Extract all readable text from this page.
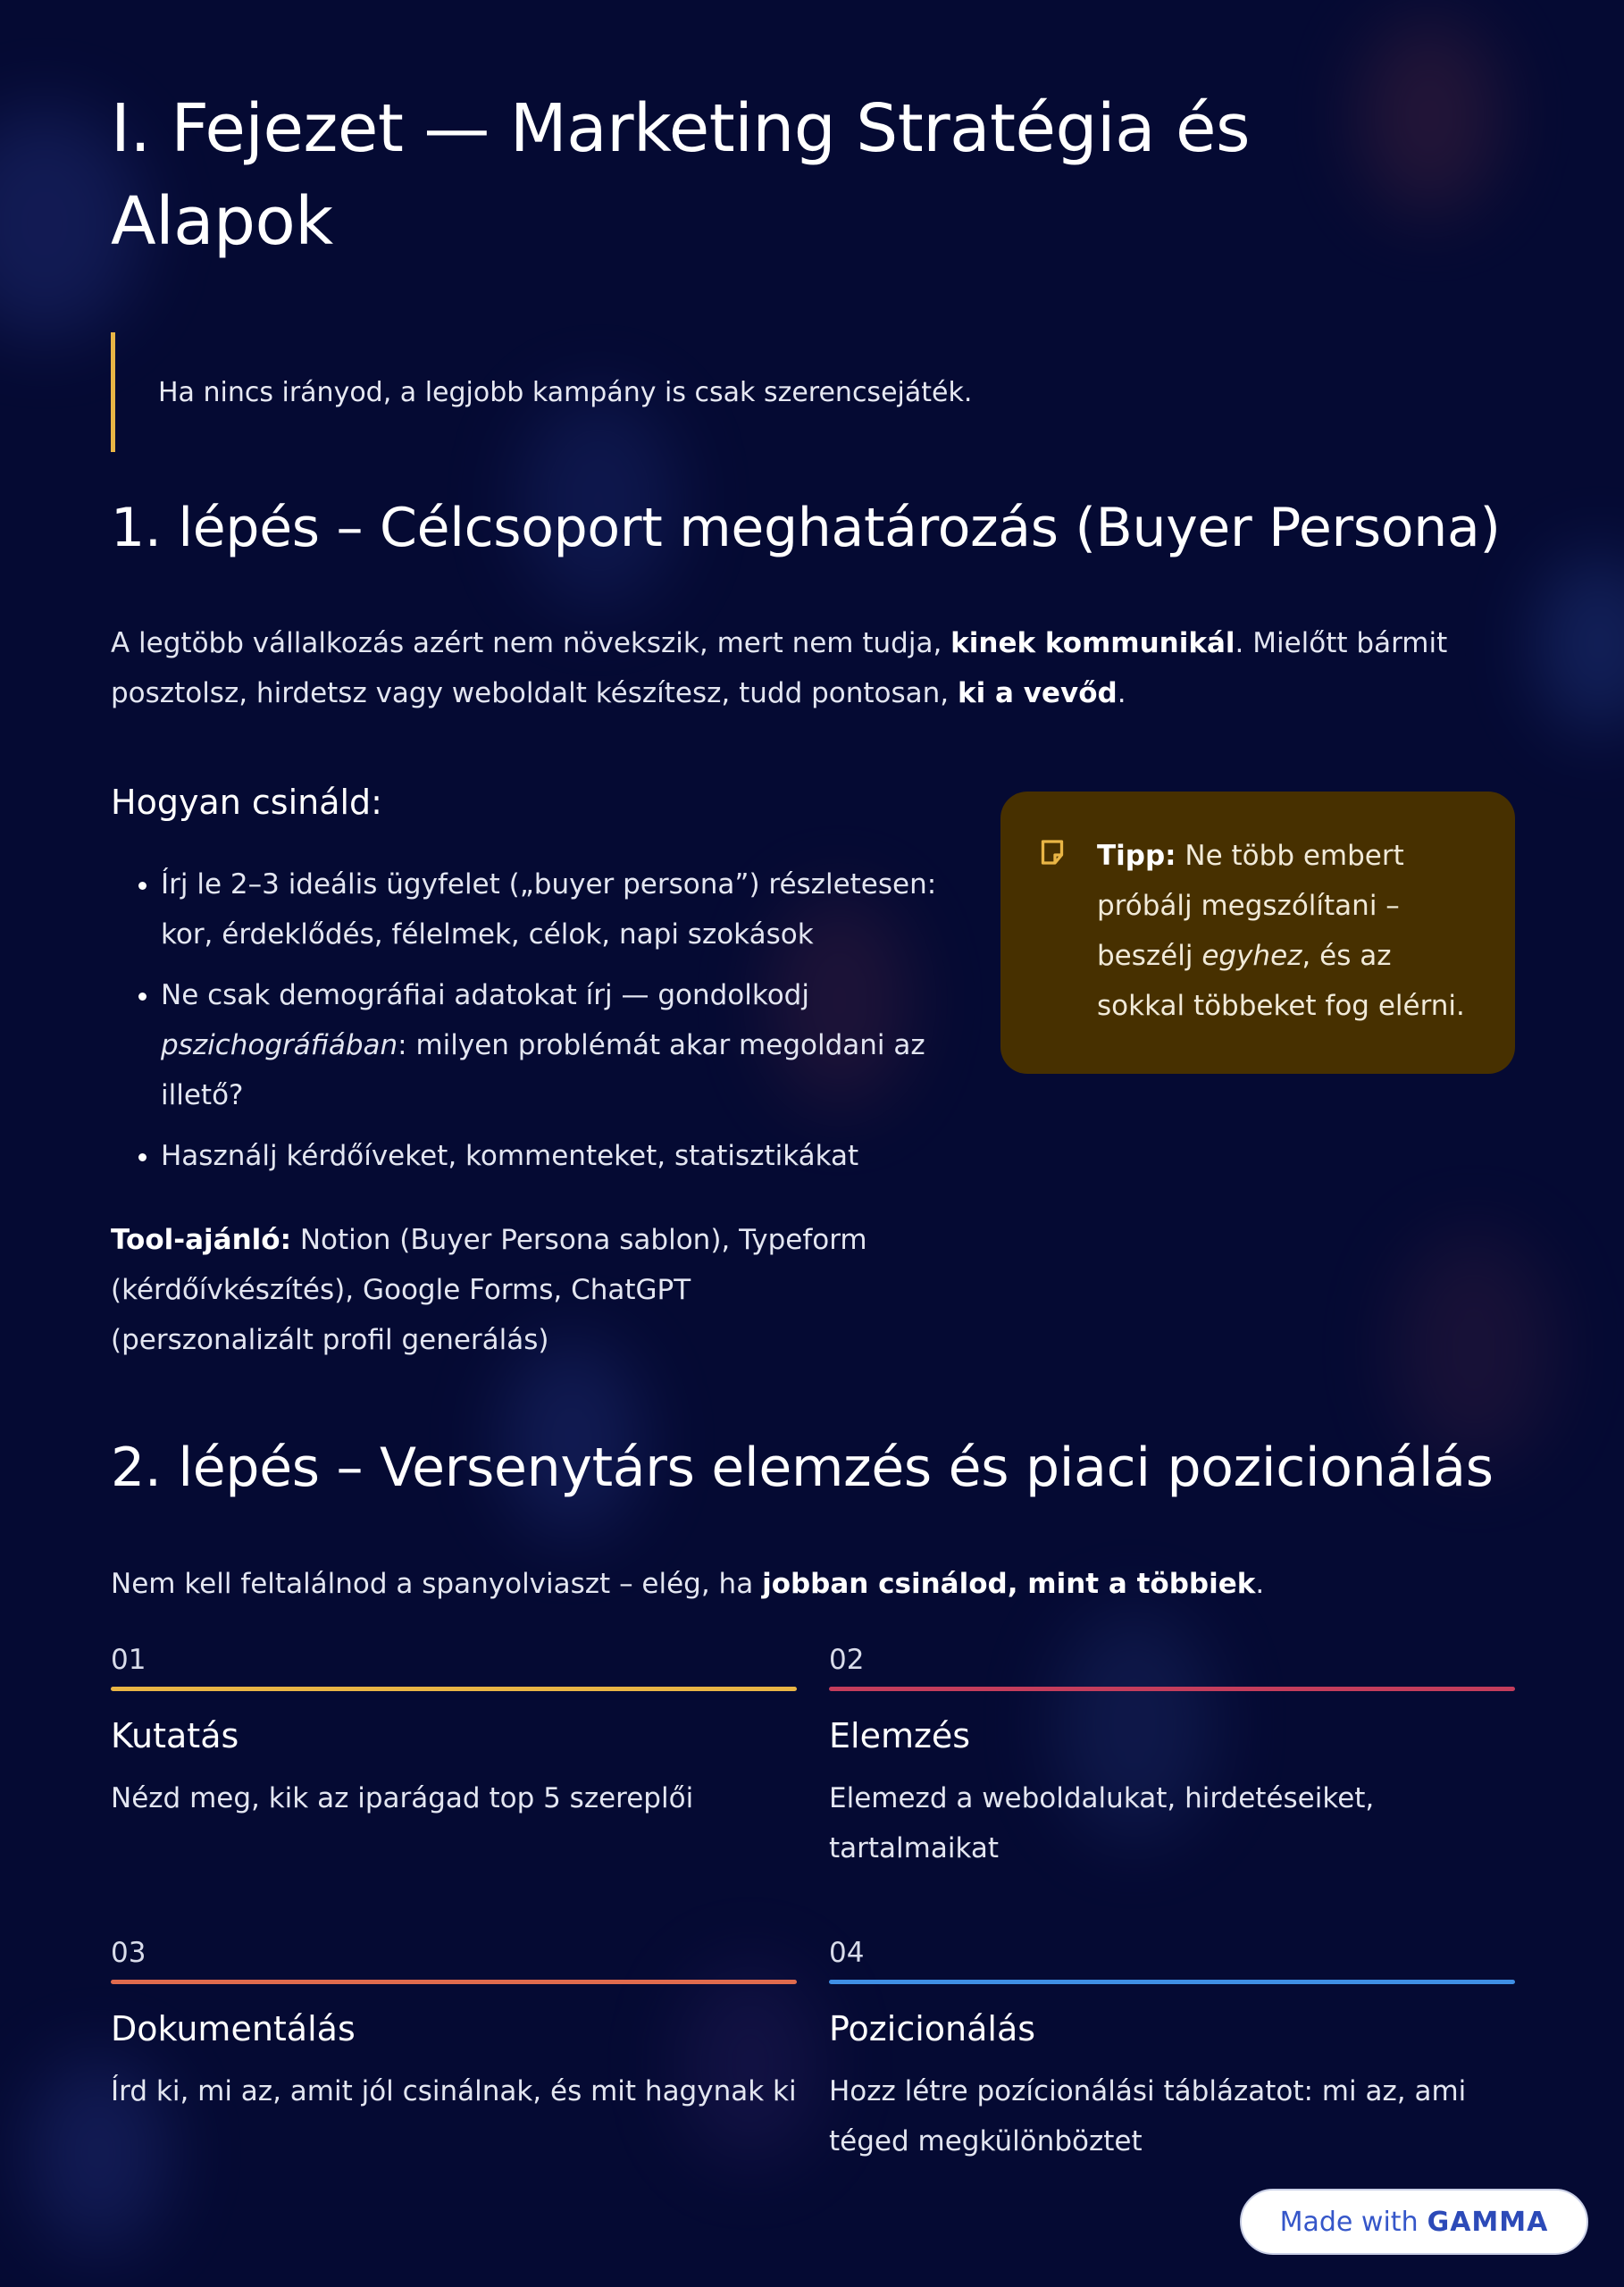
I. Fejezet — Marketing Stratégia és Alapok
Ha nincs irányod, a legjobb kampány is csak szerencsejáték.
1. lépés – Célcsoport meghatározás (Buyer Persona)
A legtöbb vállalkozás azért nem növekszik, mert nem tudja, kinek kommunikál. Mielőtt bármit posztolsz, hirdetsz vagy weboldalt készítesz, tudd pontosan, ki a vevőd.
Hogyan csináld:
• Írj le 2–3 ideális ügyfelet („buyer persona”) részletesen: kor, érdeklődés, félelmek, célok, napi szokások
• Ne csak demográfiai adatokat írj — gondolkodj pszichográfiában: milyen problémát akar megoldani az illető?
• Használj kérdőíveket, kommenteket, statisztikákat
Tool-ajánló: Notion (Buyer Persona sablon), Typeform (kérdőívkészítés), Google Forms, ChatGPT (perszonalizált profil generálás)
Tipp: Ne több embert próbálj megszólítani – beszélj egyhez, és az sokkal többeket fog elérni.
2. lépés – Versenytárs elemzés és piaci pozicionálás
Nem kell feltalálnod a spanyolviaszt – elég, ha jobban csinálod, mint a többiek.
01
Kutatás
Nézd meg, kik az iparágad top 5 szereplői
02
Elemzés
Elemezd a weboldalukat, hirdetéseiket, tartalmaikat
03
Dokumentálás
Írd ki, mi az, amit jól csinálnak, és mit hagynak ki
04
Pozicionálás
Hozz létre pozícionálási táblázatot: mi az, ami téged megkülönböztet
Made with GAMMA
